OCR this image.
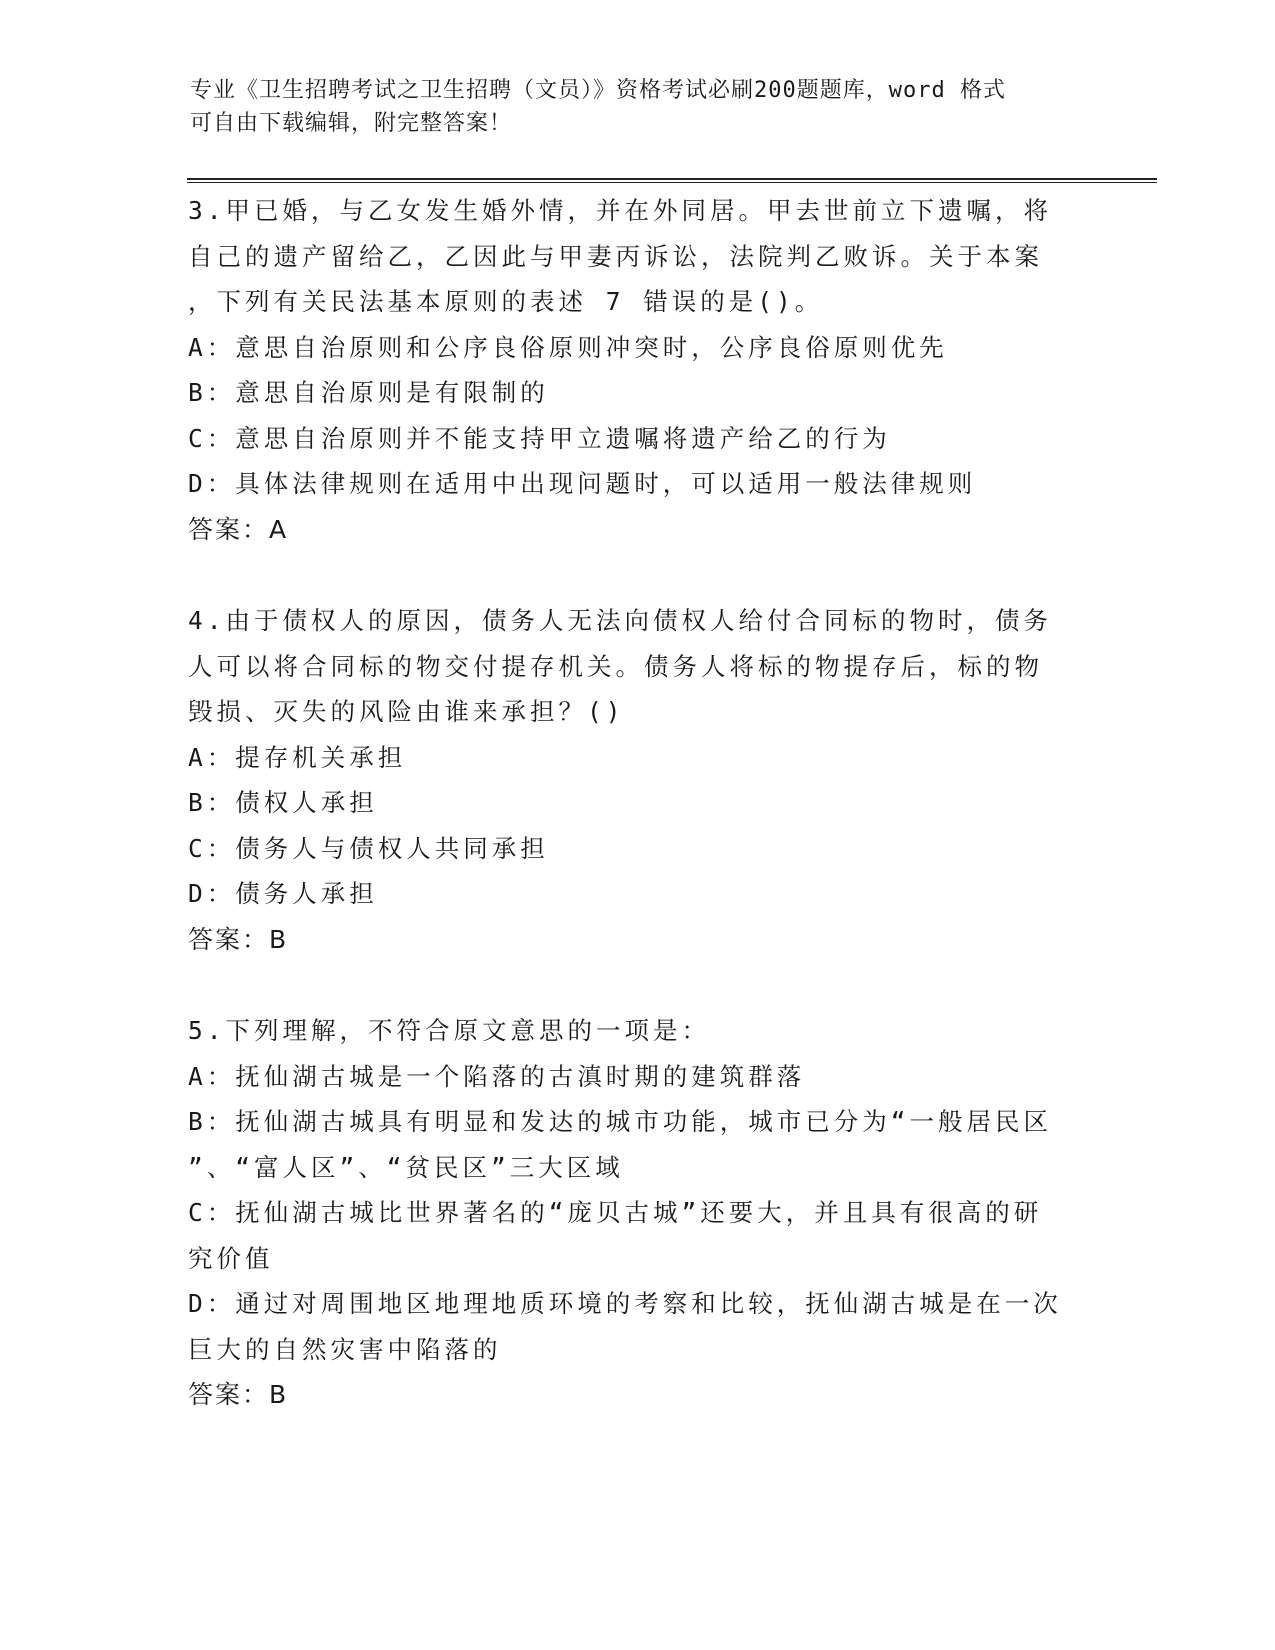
专业《卫生招聘考试之卫生招聘（文员）》资格考试必刷200题题库，word 格式
可自由下载编辑，附完整答案！
3.甲已婚，与乙女发生婚外情，并在外同居。甲去世前立下遗嘱，将
自己的遗产留给乙，乙因此与甲妻丙诉讼，法院判乙败诉。关于本案
，下列有关民法基本原则的表述 7 错误的是()。
A：意思自治原则和公序良俗原则冲突时，公序良俗原则优先
B：意思自治原则是有限制的
C：意思自治原则并不能支持甲立遗嘱将遗产给乙的行为
D：具体法律规则在适用中出现问题时，可以适用一般法律规则
答案：A
4.由于债权人的原因，债务人无法向债权人给付合同标的物时，债务
人可以将合同标的物交付提存机关。债务人将标的物提存后，标的物
毁损、灭失的风险由谁来承担？()
A：提存机关承担
B：债权人承担
C：债务人与债权人共同承担
D：债务人承担
答案：B
5.下列理解，不符合原文意思的一项是：
A：抚仙湖古城是一个陷落的古滇时期的建筑群落
B：抚仙湖古城具有明显和发达的城市功能，城市已分为“一般居民区
”、“富人区”、“贫民区”三大区域
C：抚仙湖古城比世界著名的“庞贝古城”还要大，并且具有很高的研
究价值
D：通过对周围地区地理地质环境的考察和比较，抚仙湖古城是在一次
巨大的自然灾害中陷落的
答案：B
